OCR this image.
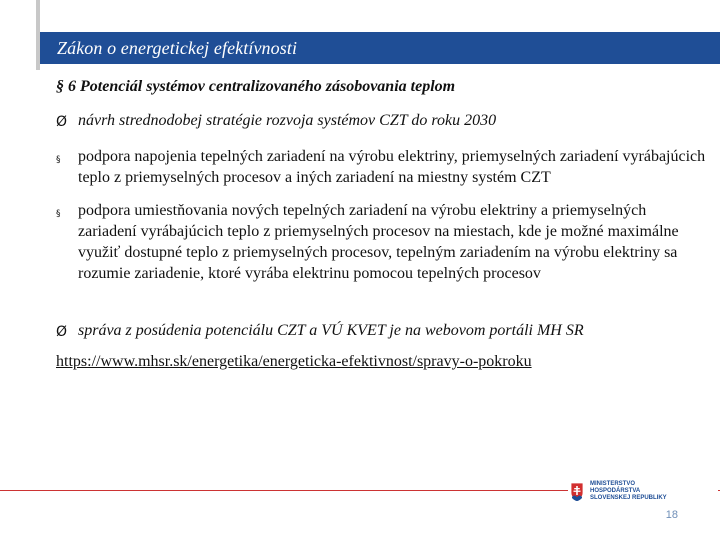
Zákon o energetickej efektívnosti
§ 6 Potenciál systémov centralizovaného zásobovania teplom
Ø návrh strednodobej stratégie rozvoja systémov CZT do roku 2030
§	podpora napojenia tepelných zariadení na výrobu elektriny, priemyselných zariadení vyrábajúcich teplo z priemyselných procesov a iných zariadení na miestny systém CZT
§	podpora umiestňovania nových tepelných zariadení na výrobu elektriny a priemyselných zariadení vyrábajúcich teplo z priemyselných procesov na miestach, kde je možné maximálne využiť dostupné teplo z priemyselných procesov, tepelným zariadením na výrobu elektriny sa rozumie zariadenie, ktoré vyrába elektrinu pomocou tepelných procesov
Ø správa z posúdenia potenciálu CZT a VÚ KVET je na webovom portáli MH SR
https://www.mhsr.sk/energetika/energeticka-efektivnost/spravy-o-pokroku
MINISTERSTVO
HOSPODÁRSTVA
SLOVENSKEJ REPUBLIKY
18
